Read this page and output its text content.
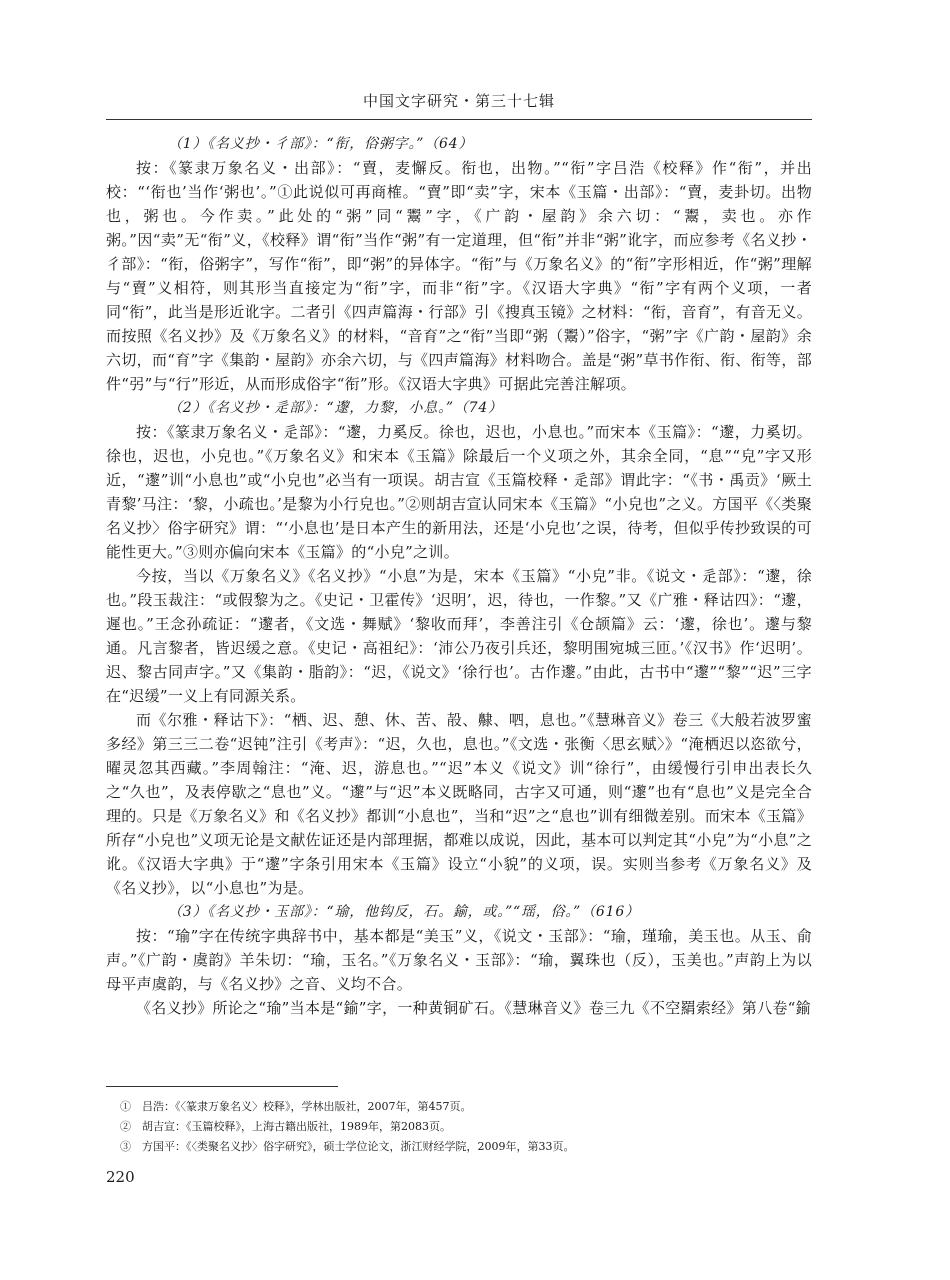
中国文字研究・第三十七辑

（1）《名义抄・彳部》：“衔，俗粥字。”（64）

按：《篆隶万象名义・出部》：“賣，麦懈反。衔也，出物。”“衔”字吕浩《校释》作“衔”，并出校：“‘衔也’当作‘粥也’。”①此说似可再商榷。“賣”即“卖”字，宋本《玉篇・出部》：“賣，麦卦切。出物也，粥也。今作卖。”此处的“粥”同“鬻”字，《广韵・屋韵》余六切：“鬻，卖也。亦作粥。”因“卖”无“衔”义，《校释》谓“衔”当作“粥”有一定道理，但“衔”并非“粥”讹字，而应参考《名义抄・彳部》：“衔，俗粥字”，写作“衔”，即“粥”的异体字。“衔”与《万象名义》的“衔”字形相近，作“粥”理解与“賣”义相符，则其形当直接定为“衔”字，而非“衔”字。《汉语大字典》“衔”字有两个义项，一者同“衔”，此当是形近讹字。二者引《四声篇海・行部》引《搜真玉镜》之材料：“衔，音育”，有音无义。而按照《名义抄》及《万象名义》的材料，“音育”之“衔”当即“粥（鬻）”俗字，“粥”字《广韵・屋韵》余六切，而“育”字《集韵・屋韵》亦余六切，与《四声篇海》材料吻合。盖是“粥”草书作衔、衔、衔等，部件“弜”与“行”形近，从而形成俗字“衔”形。《汉语大字典》可据此完善注解项。

（2）《名义抄・辵部》：“邌，力黎，小息。”（74）

按：《篆隶万象名义・辵部》：“邌，力奚反。徐也，迟也，小息也。”而宋本《玉篇》：“邌，力奚切。徐也，迟也，小皃也。”《万象名义》和宋本《玉篇》除最后一个义项之外，其余全同，“息”“皃”字又形近，“邌”训“小息也”或“小皃也”必当有一项误。胡吉宣《玉篇校释・辵部》谓此字：“《书・禹贡》‘厥土青黎’马注：‘黎，小疏也。’是黎为小行皃也。”②则胡吉宣认同宋本《玉篇》“小皃也”之义。方国平《〈类聚名义抄〉俗字研究》谓：“‘小息也’是日本产生的新用法，还是‘小皃也’之误，待考，但似乎传抄致误的可能性更大。”③则亦偏向宋本《玉篇》的“小皃”之训。

今按，当以《万象名义》《名义抄》“小息”为是，宋本《玉篇》“小皃”非。《说文・辵部》：“邌，徐也。”段玉裁注：“或假黎为之。《史记・卫霍传》‘迟明’，迟，待也，一作黎。”又《广雅・释诂四》：“邌，遲也。”王念孙疏证：“邌者，《文选・舞赋》‘黎收而拜’，李善注引《仓颉篇》云：‘邌，徐也’。邌与黎通。凡言黎者，皆迟缓之意。《史记・高祖纪》：‘沛公乃夜引兵还，黎明围宛城三匝。’《汉书》作‘迟明’。迟、黎古同声字。”又《集韵・脂韵》：“迟，《说文》‘徐行也’。古作邌。”由此，古书中“邌”“黎”“迟”三字在“迟缓”一义上有同源关系。

而《尔雅・释诂下》：“栖、迟、憩、休、苦、㱿、齂、呬，息也。”《慧琳音义》卷三《大般若波罗蜜多经》第三三二卷“迟钝”注引《考声》：“迟，久也，息也。”《文选・张衡〈思玄赋〉》“淹栖迟以恣欲兮，曜灵忽其西藏。”李周翰注：“淹、迟，游息也。”“迟”本义《说文》训“徐行”，由缓慢行引申出表长久之“久也”，及表停歇之“息也”义。“邌”与“迟”本义既略同，古字又可通，则“邌”也有“息也”义是完全合理的。只是《万象名义》和《名义抄》都训“小息也”，当和“迟”之“息也”训有细微差别。而宋本《玉篇》所存“小皃也”义项无论是文献佐证还是内部理据，都难以成说，因此，基本可以判定其“小皃”为“小息”之讹。《汉语大字典》于“邌”字条引用宋本《玉篇》设立“小貌”的义项，误。实则当参考《万象名义》及《名义抄》，以“小息也”为是。

（3）《名义抄・玉部》：“瑜，他钩反，石。鍮，或。”“瑶，俗。”（616）

按：“瑜”字在传统字典辞书中，基本都是“美玉”义，《说文・玉部》：“瑜，瑾瑜，美玉也。从玉、俞声。”《广韵・虞韵》羊朱切：“瑜，玉名。”《万象名义・玉部》：“瑜，翼珠也（反），玉美也。”声韵上为以母平声虞韵，与《名义抄》之音、义均不合。

《名义抄》所论之“瑜”当本是“鍮”字，一种黄铜矿石。《慧琳音义》卷三九《不空羂索经》第八卷“鍮

①　吕浩：《〈篆隶万象名义〉校释》，学林出版社，2007年，第457页。

②　胡吉宣：《玉篇校释》，上海古籍出版社，1989年，第2083页。

③　方国平：《〈类聚名义抄〉俗字研究》，硕士学位论文，浙江财经学院，2009年，第33页。

220
